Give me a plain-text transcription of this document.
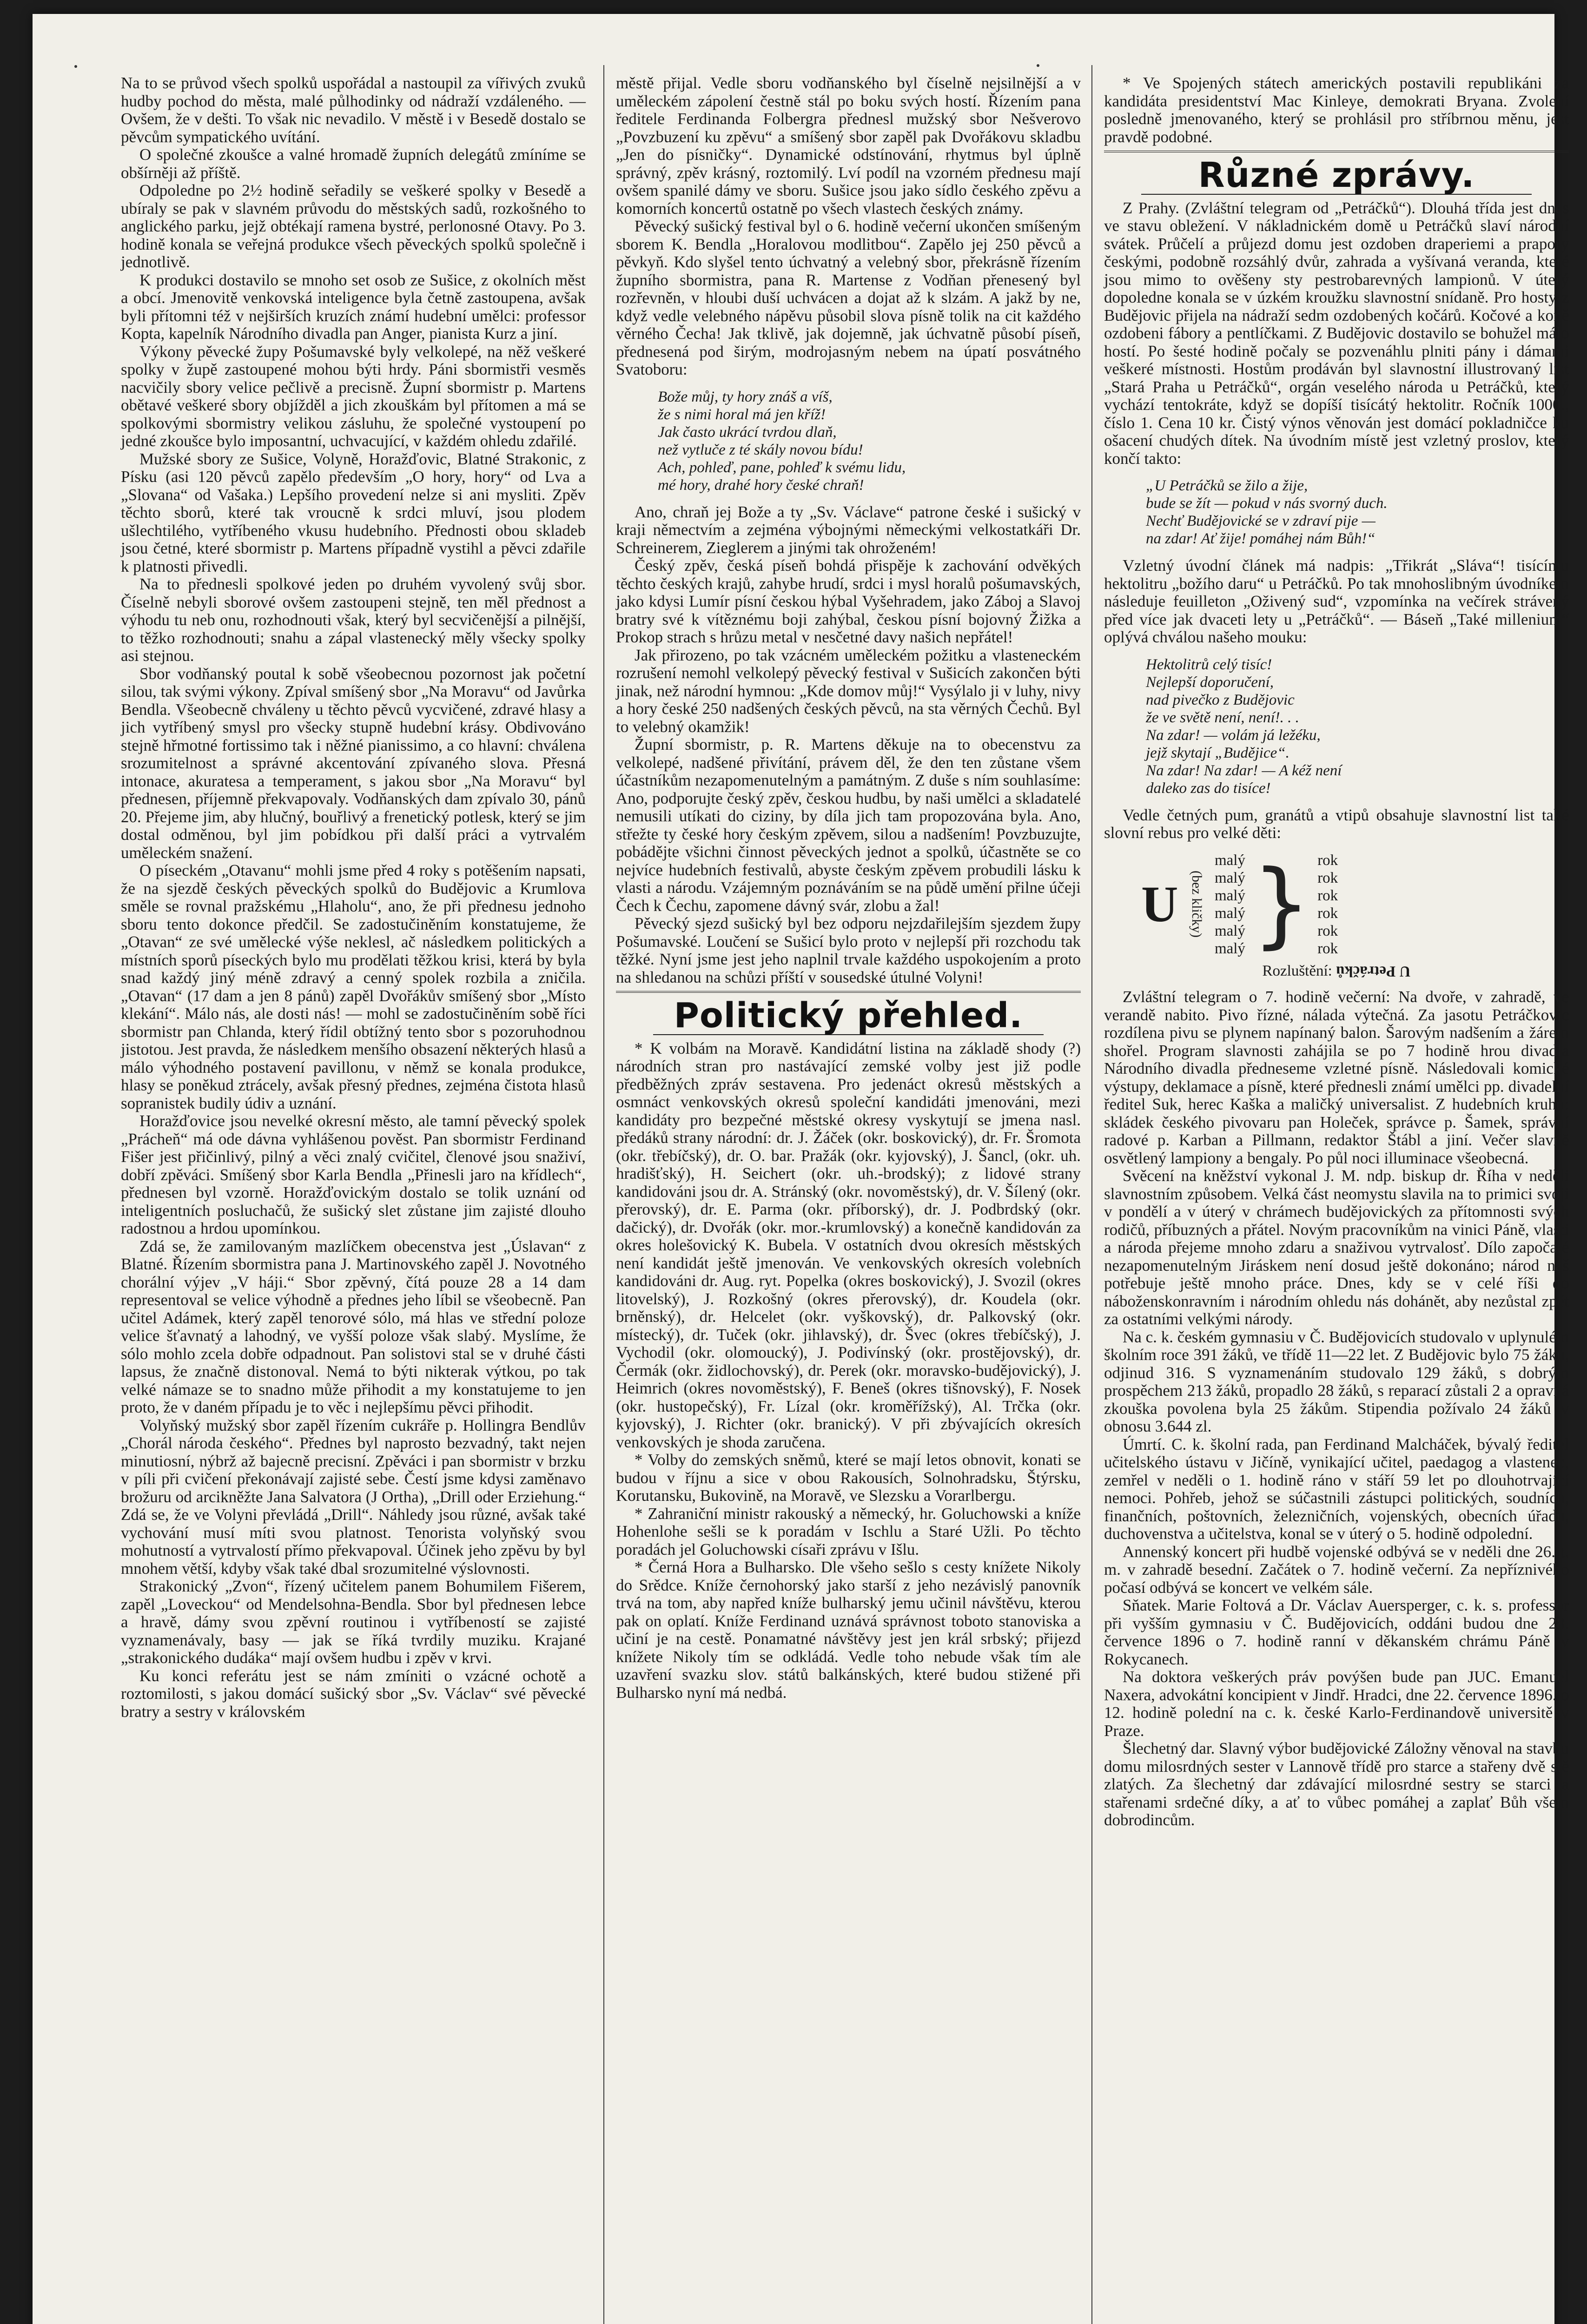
Na to se průvod všech spolků uspořádal a nastoupil za vířivých zvuků hudby pochod do města, malé půlhodinky od nádraží vzdáleného. — Ovšem, že v dešti. To však nic nevadilo. V městě i v Besedě dostalo se pěvcům sympatického uvítání.

O společné zkoušce a valné hromadě župních delegátů zmíníme se obšírněji až příště.

Odpoledne po 2½ hodině seřadily se veškeré spolky v Besedě a ubíraly se pak v slavném průvodu do městských sadů, rozkošného to anglického parku, jejž obtékají ramena bystré, perlonosné Otavy. Po 3. hodině konala se veřejná produkce všech pěveckých spolků společně i jednotlivě.

K produkci dostavilo se mnoho set osob ze Sušice, z okolních měst a obcí. Jmenovitě venkovská inteligence byla četně zastoupena, avšak byli přítomni též v nejširších kruzích známí hudební umělci: professor Kopta, kapelník Národního divadla pan Anger, pianista Kurz a jiní.

Výkony pěvecké župy Pošumavské byly velkolepé, na něž veškeré spolky v župě zastoupené mohou býti hrdy. Páni sbormistři vesměs nacvičily sbory velice pečlivě a precisně. Župní sbormistr p. Martens obětavé veškeré sbory objížděl a jich zkouškám byl přítomen a má se spolkovými sbormistry velikou zásluhu, že společné vystoupení po jedné zkoušce bylo imposantní, uchvacující, v každém ohledu zdařilé.

Mužské sbory ze Sušice, Volyně, Horažďovic, Blatné Strakonic, z Písku (asi 120 pěvců zapělo především „O hory, hory“ od Lva a „Slovana“ od Vašaka.) Lepšího provedení nelze si ani mysliti. Zpěv těchto sborů, které tak vroucně k srdci mluví, jsou plodem ušlechtilého, vytříbeného vkusu hudebního. Přednosti obou skladeb jsou četné, které sbormistr p. Martens případně vystihl a pěvci zdařile k platnosti přivedli.

Na to přednesli spolkové jeden po druhém vyvolený svůj sbor. Číselně nebyli sborové ovšem zastoupeni stejně, ten měl přednost a výhodu tu neb onu, rozhodnouti však, který byl secvičenější a pilnější, to těžko rozhodnouti; snahu a zápal vlastenecký měly všecky spolky asi stejnou.

Sbor vodňanský poutal k sobě všeobecnou pozornost jak početní silou, tak svými výkony. Zpíval smíšený sbor „Na Moravu“ od Javůrka Bendla. Všeobecně chváleny u těchto pěvců vycvičené, zdravé hlasy a jich vytříbený smysl pro všecky stupně hudební krásy. Obdivováno stejně hřmotné fortissimo tak i něžné pianissimo, a co hlavní: chválena srozumitelnost a správné akcentování zpívaného slova. Přesná intonace, akuratesa a temperament, s jakou sbor „Na Moravu“ byl přednesen, příjemně překvapovaly. Vodňanských dam zpívalo 30, pánů 20. Přejeme jim, aby hlučný, bouřlivý a frenetický potlesk, který se jim dostal odměnou, byl jim pobídkou při další práci a vytrvalém uměleckém snažení.

O píseckém „Otavanu“ mohli jsme před 4 roky s potěšením napsati, že na sjezdě českých pěveckých spolků do Budějovic a Krumlova směle se rovnal pražskému „Hlaholu“, ano, že při přednesu jednoho sboru tento dokonce předčil. Se zadostučiněním konstatujeme, že „Otavan“ ze své umělecké výše neklesl, ač následkem politických a místních sporů píseckých bylo mu prodělati těžkou krisi, která by byla snad každý jiný méně zdravý a cenný spolek rozbila a zničila. „Otavan“ (17 dam a jen 8 pánů) zapěl Dvořákův smíšený sbor „Místo klekání“. Málo nás, ale dosti nás! — mohl se zadostučiněním sobě říci sbormistr pan Chlanda, který řídil obtížný tento sbor s pozoruhodnou jistotou. Jest pravda, že následkem menšího obsazení některých hlasů a málo výhodného postavení pavillonu, v němž se konala produkce, hlasy se poněkud ztrácely, avšak přesný přednes, zejména čistota hlasů sopranistek budily údiv a uznání.

Horažďovice jsou nevelké okresní město, ale tamní pěvecký spolek „Prácheň“ má ode dávna vyhlášenou pověst. Pan sbormistr Ferdinand Fišer jest přičinlivý, pilný a věci znalý cvičitel, členové jsou snaživí, dobří zpěváci. Smíšený sbor Karla Bendla „Přinesli jaro na křídlech“, přednesen byl vzorně. Horažďovickým dostalo se tolik uznání od inteligentních posluchačů, že sušický slet zůstane jim zajisté dlouho radostnou a hrdou upomínkou.

Zdá se, že zamilovaným mazlíčkem obecenstva jest „Úslavan“ z Blatné. Řízením sbormistra pana J. Martinovského zapěl J. Novotného chorální výjev „V háji.“ Sbor zpěvný, čítá pouze 28 a 14 dam representoval se velice výhodně a přednes jeho líbil se všeobecně. Pan učitel Adámek, který zapěl tenorové sólo, má hlas ve střední poloze velice šťavnatý a lahodný, ve vyšší poloze však slabý. Myslíme, že sólo mohlo zcela dobře odpadnout. Pan solistovi stal se v druhé části lapsus, že značně distonoval. Nemá to býti nikterak výtkou, po tak velké námaze se to snadno může přihodit a my konstatujeme to jen proto, že v daném případu je to věc i nejlepšímu pěvci přihodit.

Volyňský mužský sbor zapěl řízením cukráře p. Hollingra Bendlův „Chorál národa českého“. Přednes byl naprosto bezvadný, takt nejen minutiosní, nýbrž až bajecně precisní. Zpěváci i pan sbormistr v brzku v píli při cvičení překonávají zajisté sebe. Čestí jsme kdysi zaměnavo brožuru od arcikněžte Jana Salvatora (J Ortha), „Drill oder Erziehung.“ Zdá se, že ve Volyni převládá „Drill“. Náhledy jsou různé, avšak také vychování musí míti svou platnost. Tenorista volyňský svou mohutností a vytrvalostí přímo překvapoval. Účinek jeho zpěvu by byl mnohem větší, kdyby však také dbal srozumitelné výslovnosti.

Strakonický „Zvon“, řízený učitelem panem Bohumilem Fišerem, zapěl „Loveckou“ od Mendelsohna-Bendla. Sbor byl přednesen lebce a hravě, dámy svou zpěvní routinou i vytříbeností se zajisté vyznamenávaly, basy — jak se říká tvrdily muziku. Krajané „strakonického dudáka“ mají ovšem hudbu i zpěv v krvi.

Ku konci referátu jest se nám zmíniti o vzácné ochotě a roztomilosti, s jakou domácí sušický sbor „Sv. Václav“ své pěvecké bratry a sestry v královském

městě přijal. Vedle sboru vodňanského byl číselně nejsilnější a v uměleckém zápolení čestně stál po boku svých hostí. Řízením pana ředitele Ferdinanda Folbergra přednesl mužský sbor Nešverovo „Povzbuzení ku zpěvu“ a smíšený sbor zapěl pak Dvořákovu skladbu „Jen do písničky“. Dynamické odstínování, rhytmus byl úplně správný, zpěv krásný, roztomilý. Lví podíl na vzorném přednesu mají ovšem spanilé dámy ve sboru. Sušice jsou jako sídlo českého zpěvu a komorních koncertů ostatně po všech vlastech českých známy.

Pěvecký sušický festival byl o 6. hodině večerní ukončen smíšeným sborem K. Bendla „Horalovou modlitbou“. Zapělo jej 250 pěvců a pěvkyň. Kdo slyšel tento úchvatný a velebný sbor, překrásně řízením župního sbormistra, pana R. Martense z Vodňan přenesený byl rozřevněn, v hloubi duší uchvácen a dojat až k slzám. A jakž by ne, když vedle velebného nápěvu působil slova písně tolik na cit každého věrného Čecha! Jak tklivě, jak dojemně, jak úchvatně působí píseň, přednesená pod širým, modrojasným nebem na úpatí posvátného Svatoboru:

Bože můj, ty hory znáš a víš,
že s nimi horal má jen kříž!
Jak často ukrácí tvrdou dlaň,
než vytluče z té skály novou bídu!
Ach, pohleď, pane, pohleď k svému lidu,
mé hory, drahé hory české chraň!

Ano, chraň jej Bože a ty „Sv. Václave“ patrone české i sušický v kraji němectvím a zejména výbojnými německými velkostatkáři Dr. Schreinerem, Zieglerem a jinými tak ohroženém!

Český zpěv, česká píseň bohdá přispěje k zachování odvěkých těchto českých krajů, zahybe hrudí, srdci i mysl horalů pošumavských, jako kdysi Lumír písní českou hýbal Vyšehradem, jako Záboj a Slavoj bratry své k vítěznému boji zahýbal, českou písní bojovný Žižka a Prokop strach s hrůzu metal v nesčetné davy našich nepřátel!

Jak přirozeno, po tak vzácném uměleckém požitku a vlasteneckém rozrušení nemohl velkolepý pěvecký festival v Sušicích zakončen býti jinak, než národní hymnou: „Kde domov můj!“ Vysýlalo ji v luhy, nivy a hory české 250 nadšených českých pěvců, na sta věrných Čechů. Byl to velebný okamžik!

Župní sbormistr, p. R. Martens děkuje na to obecenstvu za velkolepé, nadšené přivítání, právem děl, že den ten zůstane všem účastníkům nezapomenutelným a památným. Z duše s ním souhlasíme: Ano, podporujte český zpěv, českou hudbu, by naši umělci a skladatelé nemusili utíkati do ciziny, by díla jich tam propozována byla. Ano, střežte ty české hory českým zpěvem, silou a nadšením! Povzbuzujte, pobádějte všichni činnost pěveckých jednot a spolků, účastněte se co nejvíce hudebních festivalů, abyste českým zpěvem probudili lásku k vlasti a národu. Vzájemným poznáváním se na půdě umění přilne účeji Čech k Čechu, zapomene dávný svár, zlobu a žal!

Pěvecký sjezd sušický byl bez odporu nejzdařilejším sjezdem župy Pošumavské. Loučení se Sušicí bylo proto v nejlepší při rozchodu tak těžké. Nyní jsme jest jeho naplnil trvale každého uspokojením a proto na shledanou na schůzi příští v sousedské útulné Volyni!

Politický přehled.

* K volbám na Moravě. Kandidátní listina na základě shody (?) národních stran pro nastávající zemské volby jest již podle předběžných zpráv sestavena. Pro jedenáct okresů městských a osmnáct venkovských okresů společní kandidáti jmenováni, mezi kandidáty pro bezpečné městské okresy vyskytují se jmena nasl. předáků strany národní: dr. J. Žáček (okr. boskovický), dr. Fr. Šromota (okr. třebíčský), dr. O. bar. Pražák (okr. kyjovský), J. Šancl, (okr. uh. hradišťský), H. Seichert (okr. uh.-brodský); z lidové strany kandidováni jsou dr. A. Stránský (okr. novoměstský), dr. V. Šílený (okr. přerovský), dr. E. Parma (okr. příborský), dr. J. Podbrdský (okr. dačický), dr. Dvořák (okr. mor.-krumlovský) a konečně kandidován za okres holešovický K. Bubela. V ostatních dvou okresích městských není kandidát ještě jmenován. Ve venkovských okresích volebních kandidováni dr. Aug. ryt. Popelka (okres boskovický), J. Svozil (okres litovelský), J. Rozkošný (okres přerovský), dr. Koudela (okr. brněnský), dr. Helcelet (okr. vyškovský), dr. Palkovský (okr. místecký), dr. Tuček (okr. jihlavský), dr. Švec (okres třebíčský), J. Vychodil (okr. olomoucký), J. Podivínský (okr. prostějovský), dr. Čermák (okr. židlochovský), dr. Perek (okr. moravsko-budějovický), J. Heimrich (okres novoměstský), F. Beneš (okres tišnovský), F. Nosek (okr. hustopečský), Fr. Lízal (okr. kroměřížský), Al. Trčka (okr. kyjovský), J. Richter (okr. branický). V při zbývajících okresích venkovských je shoda zaručena.

* Volby do zemských sněmů, které se mají letos obnovit, konati se budou v říjnu a sice v obou Rakousích, Solnohradsku, Štýrsku, Korutansku, Bukovině, na Moravě, ve Slezsku a Vorarlbergu.

* Zahraniční ministr rakouský a německý, hr. Goluchowski a kníže Hohenlohe sešli se k poradám v Ischlu a Staré Užli. Po těchto poradách jel Goluchowski císaři zprávu v Išlu.

* Černá Hora a Bulharsko. Dle všeho sešlo s cesty knížete Nikoly do Srědce. Kníže černohorský jako starší z jeho nezávislý panovník trvá na tom, aby napřed kníže bulharský jemu učinil návštěvu, kterou pak on oplatí. Kníže Ferdinand uznává správnost toboto stanoviska a učiní je na cestě. Ponamatné návštěvy jest jen král srbský; přijezd knížete Nikoly tím se odkládá. Vedle toho nebude však tím ale uzavření svazku slov. států balkánských, které budou stižené při Bulharsko nyní má nedbá.

* Ve Spojených státech amerických postavili republikáni za kandidáta presidentství Mac Kinleye, demokrati Bryana. Zvolení posledně jmenovaného, který se prohlásil pro stříbrnou měnu, jest pravdě podobné.

Různé zprávy.

Z Prahy. (Zvláštní telegram od „Petráčků“). Dlouhá třída jest dnes ve stavu obležení. V nákladnickém domě u Petráčků slaví národní svátek. Průčelí a průjezd domu jest ozdoben draperiemi a prapory českými, podobně rozsáhlý dvůr, zahrada a vyšívaná veranda, které jsou mimo to ověšeny sty pestrobarevných lampionů. V úterý dopoledne konala se v úzkém kroužku slavnostní snídaně. Pro hosty z Budějovic přijela na nádraží sedm ozdobených kočárů. Kočové a koně ozdobeni fábory a pentlíčkami. Z Budějovic dostavilo se bohužel málo hostí. Po šesté hodině počaly se pozvenáhlu plniti pány i dámami veškeré místnosti. Hostům prodáván byl slavnostní illustrovaný list „Stará Praha u Petráčků“, orgán veselého národa u Petráčků, který vychází tentokráte, když se dopíší tisícátý hektolitr. Ročník 1000., číslo 1. Cena 10 kr. Čistý výnos věnován jest domácí pokladničce ku ošacení chudých dítek. Na úvodním místě jest vzletný proslov, který končí takto:

„U Petráčků se žilo a žije,
bude se žít — pokud v nás svorný duch.
Nechť Budějovické se v zdraví pije —
na zdar! Ať žije! pomáhej nám Bůh!“

Vzletný úvodní článek má nadpis: „Třikrát „Sláva“! tisícímu hektolitru „božího daru“ u Petráčků. Po tak mnohoslibným úvodníkem následuje feuilleton „Oživený sud“, vzpomínka na večírek strávený před více jak dvaceti lety u „Petráčků“. — Báseň „Také millenium“ oplývá chválou našeho mouku:

Hektolitrů celý tisíc!
Nejlepší doporučení,
nad pivečko z Budějovic
že ve světě není, není!. . .
Na zdar! — volám já ležéku,
jejž skytají „Budějice“.
Na zdar! Na zdar! — A kéž není
daleko zas do tisíce!

Vedle četných pum, granátů a vtipů obsahuje slavnostní list také slovní rebus pro velké děti:

U (bez kličky)
malý
malý
malý
malý
malý
malý } rok
rok
rok
rok
rok
rok
Rozluštění: U Petráčků

Zvláštní telegram o 7. hodině večerní: Na dvoře, v zahradě, ve verandě nabito. Pivo řízné, nálada výtečná. Za jasotu Petráčkovic rozdílena pivu se plynem napínaný balon. Šarovým nadšením a žárem shořel. Program slavnosti zahájila se po 7 hodině hrou divadla Národního divadla předneseme vzletné písně. Následovali komické výstupy, deklamace a písně, které přednesli známí umělci pp. divadelní ředitel Suk, herec Kaška a maličký universalist. Z hudebních kruhů: skládek českého pivovaru pan Holeček, správce p. Šamek, správní radové p. Karban a Pillmann, redaktor Štábl a jiní. Večer slavně osvětlený lampiony a bengaly. Po půl noci illuminace všeobecná.

Svěcení na kněžství vykonal J. M. ndp. biskup dr. Říha v neděli slavnostním způsobem. Velká část neomystu slavila na to primici svoji v pondělí a v úterý v chrámech budějovických za přítomnosti svých rodičů, příbuzných a přátel. Novým pracovníkům na vinici Páně, vlasti a národa přejeme mnoho zdaru a snaživou vytrvalosť. Dílo započaté nezapomenutelným Jiráskem není dosud ještě dokonáno; národ náš potřebuje ještě mnoho práce. Dnes, kdy se v celé říši do náboženskonravním i národním ohledu nás dohánět, aby nezůstal zpět za ostatními velkými národy.

Na c. k. českém gymnasiu v Č. Budějovicích studovalo v uplynulém školním roce 391 žáků, ve třídě 11—22 let. Z Budějovic bylo 75 žáků, odjinud 316. S vyznamenáním studovalo 129 žáků, s dobrým prospěchem 213 žáků, propadlo 28 žáků, s reparací zůstali 2 a opravná zkouška povolena byla 25 žákům. Stipendia požívalo 24 žáků v obnosu 3.644 zl.

Úmrtí. C. k. školní rada, pan Ferdinand Malcháček, bývalý ředitel učitelského ústavu v Jičíně, vynikající učitel, paedagog a vlastenec, zemřel v neděli o 1. hodině ráno v stáří 59 let po dlouhotrvající nemoci. Pohřeb, jehož se súčastnili zástupci politických, soudních, finančních, poštovních, železničních, vojenských, obecních úřadů, duchovenstva a učitelstva, konal se v úterý o 5. hodině odpolední.

Annenský koncert při hudbě vojenské odbývá se v neděli dne 26. t. m. v zahradě besední. Začátek o 7. hodině večerní. Za nepříznivého počasí odbývá se koncert ve velkém sále.

Sňatek. Marie Foltová a Dr. Václav Auersperger, c. k. s. professor při vyšším gymnasiu v Č. Budějovicích, oddáni budou dne 28. července 1896 o 7. hodině ranní v děkanském chrámu Páně v Rokycanech.

Na doktora veškerých práv povýšen bude pan JUC. Emanuel Naxera, advokátní koncipient v Jindř. Hradci, dne 22. července 1896. o 12. hodině polední na c. k. české Karlo-Ferdinandově universitě v Praze.

Šlechetný dar. Slavný výbor budějovické Záložny věnoval na stavbu domu milosrdných sester v Lannově třídě pro starce a stařeny dvě stě zlatých. Za šlechetný dar zdávající milosrdné sestry se starci a stařenami srdečné díky, a ať to vůbec pomáhej a zaplať Bůh všem dobrodincům.
